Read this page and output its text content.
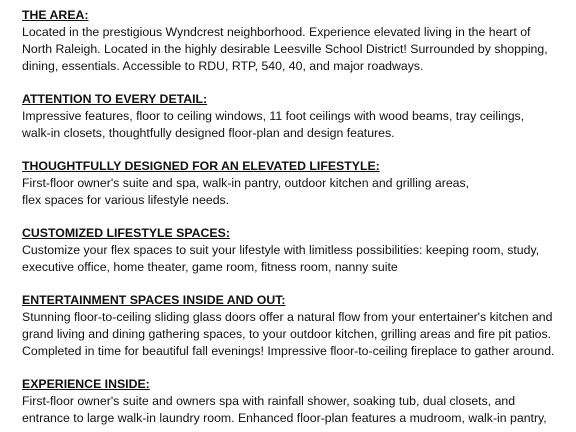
THE AREA:

Located in the prestigious Wyndcrest neighborhood. Experience elevated living in the heart of
North Raleigh. Located in the highly desirable Leesville School District! Surrounded by shopping,
dining, essentials. Accessible to RDU, RTP, 540, 40, and major roadways.

ATTENTION TO EVERY DETAIL:

Impressive features, floor to ceiling windows, 11 foot ceilings with wood beams, tray ceilings,
walk-in closets, thoughtfully designed floor-plan and design features.

THOUGHTFULLY DESIGNED FOR AN ELEVATED LIFESTYLE:

First-floor owner's suite and spa, walk-in pantry, outdoor kitchen and grilling areas,
flex spaces for various lifestyle needs.

CUSTOMIZED LIFESTYLE SPACES:

Customize your flex spaces to suit your lifestyle with limitless possibilities: keeping room, study,
executive office, home theater, game room, fitness room, nanny suite

ENTERTAINMENT SPACES INSIDE AND OUT:

Stunning floor-to-ceiling sliding glass doors offer a natural flow from your entertainer's kitchen and
grand living and dining gathering spaces, to your outdoor kitchen, grilling areas and fire pit patios.
Completed in time for beautiful fall evenings! Impressive floor-to-ceiling fireplace to gather around.

EXPERIENCE INSIDE:

First-floor owner's suite and owners spa with rainfall shower, soaking tub, dual closets, and
entrance to large walk-in laundry room. Enhanced floor-plan features a mudroom, walk-in pantry,
